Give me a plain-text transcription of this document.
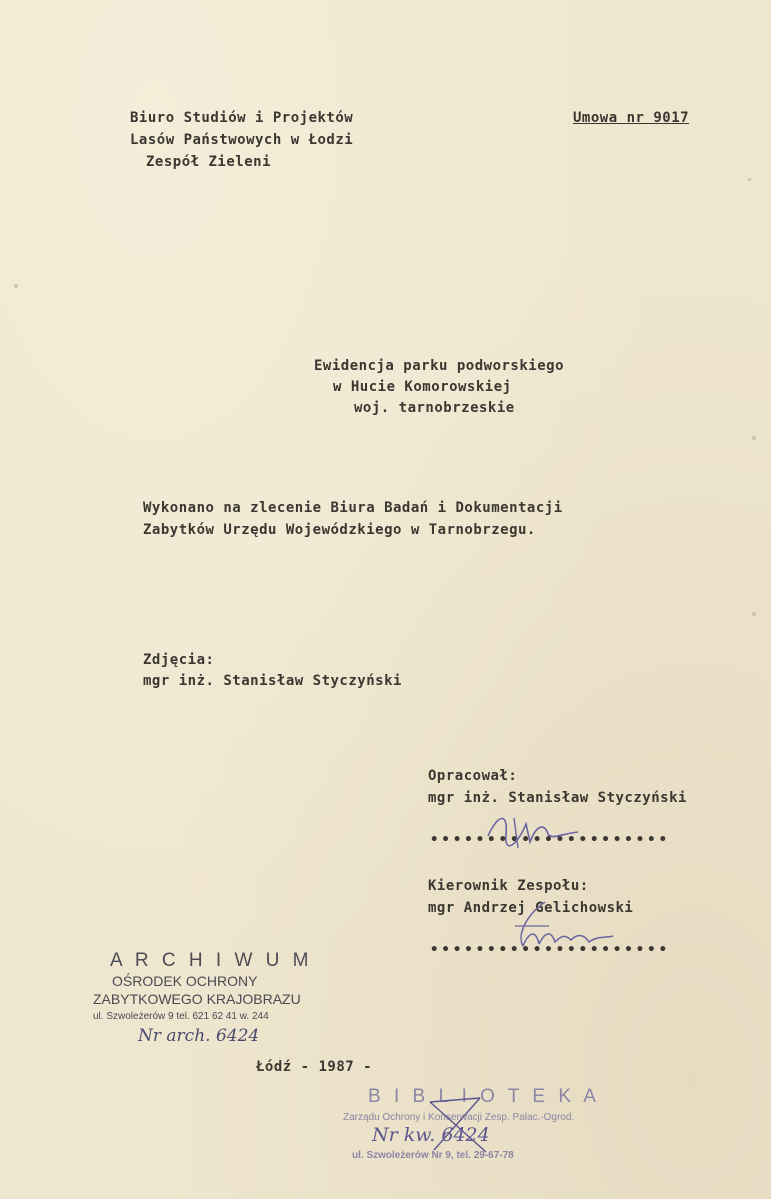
Biuro Studiów i Projektów
Lasów Państwowych w Łodzi
Zespół Zieleni
Umowa nr 9017
Ewidencja parku podworskiego
w Hucie Komorowskiej
woj. tarnobrzeskie
Wykonano na zlecenie Biura Badań i Dokumentacji
Zabytków Urzędu Wojewódzkiego w Tarnobrzegu.
Zdjęcia:
mgr inż. Stanisław Styczyński
Opracował:
mgr inż. Stanisław Styczyński
•••••••••••••••••••••
Kierownik Zespołu:
mgr Andrzej Gelichowski
•••••••••••••••••••••
A R C H I W U M
OŚRODEK OCHRONY
ZABYTKOWEGO KRAJOBRAZU
ul. Szwoleżerów 9 tel. 621 62 41 w. 244
Nr arch. 6424
Łódź - 1987 -
B I B L I O T E K A
Zarządu Ochrony i Konserwacji Zesp. Pałac.-Ogrod.
Nr kw. 6424
ul. Szwoleżerów Nr 9, tel. 29-67-78
